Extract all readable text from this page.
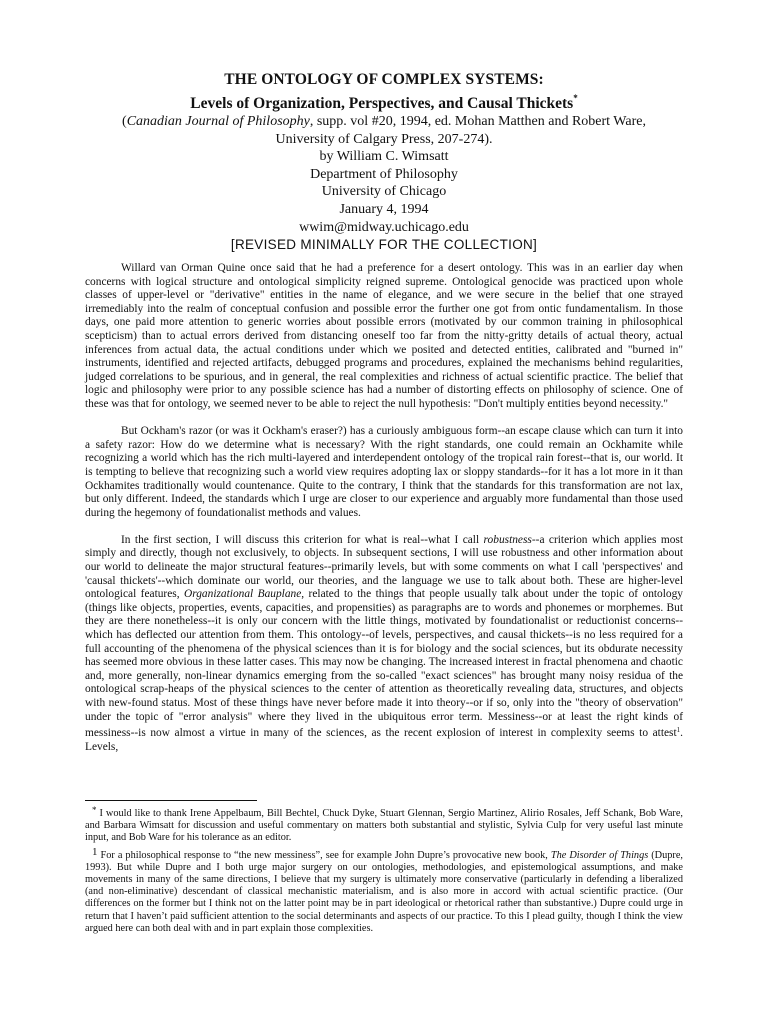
THE ONTOLOGY OF COMPLEX SYSTEMS:

Levels of Organization, Perspectives, and Causal Thickets*

(Canadian Journal of Philosophy, supp. vol #20, 1994, ed. Mohan Matthen and Robert Ware,

University of Calgary Press, 207-274).

by William C. Wimsatt

Department of Philosophy

University of Chicago

January 4, 1994

wwim@midway.uchicago.edu

[REVISED MINIMALLY FOR THE COLLECTION]

Willard van Orman Quine once said that he had a preference for a desert ontology. This was in an earlier day when concerns with logical structure and ontological simplicity reigned supreme. Ontological genocide was practiced upon whole classes of upper-level or "derivative" entities in the name of elegance, and we were secure in the belief that one strayed irremediably into the realm of conceptual confusion and possible error the further one got from ontic fundamentalism. In those days, one paid more attention to generic worries about possible errors (motivated by our common training in philosophical scepticism) than to actual errors derived from distancing oneself too far from the nitty-gritty details of actual theory, actual inferences from actual data, the actual conditions under which we posited and detected entities, calibrated and "burned in" instruments, identified and rejected artifacts, debugged programs and procedures, explained the mechanisms behind regularities, judged correlations to be spurious, and in general, the real complexities and richness of actual scientific practice. The belief that logic and philosophy were prior to any possible science has had a number of distorting effects on philosophy of science. One of these was that for ontology, we seemed never to be able to reject the null hypothesis: "Don't multiply entities beyond necessity."

But Ockham's razor (or was it Ockham's eraser?) has a curiously ambiguous form--an escape clause which can turn it into a safety razor: How do we determine what is necessary? With the right standards, one could remain an Ockhamite while recognizing a world which has the rich multi-layered and interdependent ontology of the tropical rain forest--that is, our world. It is tempting to believe that recognizing such a world view requires adopting lax or sloppy standards--for it has a lot more in it than Ockhamites traditionally would countenance. Quite to the contrary, I think that the standards for this transformation are not lax, but only different. Indeed, the standards which I urge are closer to our experience and arguably more fundamental than those used during the hegemony of foundationalist methods and values.

In the first section, I will discuss this criterion for what is real--what I call robustness--a criterion which applies most simply and directly, though not exclusively, to objects. In subsequent sections, I will use robustness and other information about our world to delineate the major structural features--primarily levels, but with some comments on what I call 'perspectives' and 'causal thickets'--which dominate our world, our theories, and the language we use to talk about both. These are higher-level ontological features, Organizational Bauplane, related to the things that people usually talk about under the topic of ontology (things like objects, properties, events, capacities, and propensities) as paragraphs are to words and phonemes or morphemes. But they are there nonetheless--it is only our concern with the little things, motivated by foundationalist or reductionist concerns--which has deflected our attention from them. This ontology--of levels, perspectives, and causal thickets--is no less required for a full accounting of the phenomena of the physical sciences than it is for biology and the social sciences, but its obdurate necessity has seemed more obvious in these latter cases. This may now be changing. The increased interest in fractal phenomena and chaotic and, more generally, non-linear dynamics emerging from the so-called "exact sciences" has brought many noisy residua of the ontological scrap-heaps of the physical sciences to the center of attention as theoretically revealing data, structures, and objects with new-found status. Most of these things have never before made it into theory--or if so, only into the "theory of observation" under the topic of "error analysis" where they lived in the ubiquitous error term. Messiness--or at least the right kinds of messiness--is now almost a virtue in many of the sciences, as the recent explosion of interest in complexity seems to attest$^1$. Levels,

* I would like to thank Irene Appelbaum, Bill Bechtel, Chuck Dyke, Stuart Glennan, Sergio Martinez, Alirio Rosales, Jeff Schank, Bob Ware, and Barbara Wimsatt for discussion and useful commentary on matters both substantial and stylistic, Sylvia Culp for very useful last minute input, and Bob Ware for his tolerance as an editor.

1 For a philosophical response to “the new messiness”, see for example John Dupre’s provocative new book, The Disorder of Things (Dupre, 1993). But while Dupre and I both urge major surgery on our ontologies, methodologies, and epistemological assumptions, and make movements in many of the same directions, I believe that my surgery is ultimately more conservative (particularly in defending a liberalized (and non-eliminative) descendant of classical mechanistic materialism, and is also more in accord with actual scientific practice. (Our differences on the former but I think not on the latter point may be in part ideological or rhetorical rather than substantive.) Dupre could urge in return that I haven’t paid sufficient attention to the social determinants and aspects of our practice. To this I plead guilty, though I think the view argued here can both deal with and in part explain those complexities.
